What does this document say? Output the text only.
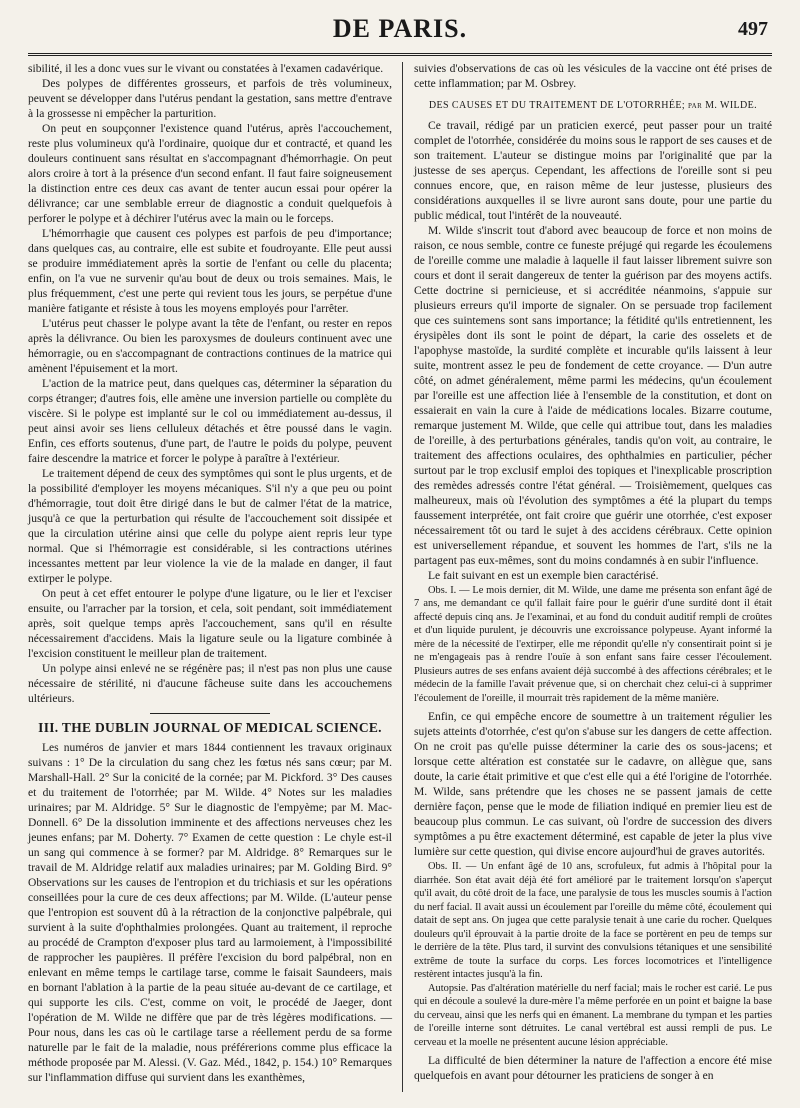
DE PARIS.	497

sibilité, il les a donc vues sur le vivant ou constatées à l'examen cadavérique.

Des polypes de différentes grosseurs, et parfois de très volumineux, peuvent se développer dans l'utérus pendant la gestation, sans mettre d'entrave à la grossesse ni empêcher la parturition.

On peut en soupçonner l'existence quand l'utérus, après l'accouchement, reste plus volumineux qu'à l'ordinaire, quoique dur et contracté, et quand les douleurs continuent sans résultat en s'accompagnant d'hémorrhagie. On peut alors croire à tort à la présence d'un second enfant. Il faut faire soigneusement la distinction entre ces deux cas avant de tenter aucun essai pour opérer la délivrance; car une semblable erreur de diagnostic a conduit quelquefois à perforer le polype et à déchirer l'utérus avec la main ou le forceps.

L'hémorrhagie que causent ces polypes est parfois de peu d'importance; dans quelques cas, au contraire, elle est subite et foudroyante. Elle peut aussi se produire immédiatement après la sortie de l'enfant ou celle du placenta; enfin, on l'a vue ne survenir qu'au bout de deux ou trois semaines. Mais, le plus fréquemment, c'est une perte qui revient tous les jours, se perpétue d'une manière fatigante et résiste à tous les moyens employés pour l'arrêter.

L'utérus peut chasser le polype avant la tête de l'enfant, ou rester en repos après la délivrance. Ou bien les paroxysmes de douleurs continuent avec une hémorragie, ou en s'accompagnant de contractions continues de la matrice qui amènent l'épuisement et la mort.

L'action de la matrice peut, dans quelques cas, déterminer la séparation du corps étranger; d'autres fois, elle amène une inversion partielle ou complète du viscère. Si le polype est implanté sur le col ou immédiatement au-dessus, il peut ainsi avoir ses liens celluleux détachés et être poussé dans le vagin. Enfin, ces efforts soutenus, d'une part, de l'autre le poids du polype, peuvent faire descendre la matrice et forcer le polype à paraître à l'extérieur.

Le traitement dépend de ceux des symptômes qui sont le plus urgents, et de la possibilité d'employer les moyens mécaniques. S'il n'y a que peu ou point d'hémorragie, tout doit être dirigé dans le but de calmer l'état de la matrice, jusqu'à ce que la perturbation qui résulte de l'accouchement soit dissipée et que la circulation utérine ainsi que celle du polype aient repris leur type normal. Que si l'hémorragie est considérable, si les contractions utérines incessantes mettent par leur violence la vie de la malade en danger, il faut extirper le polype.

On peut à cet effet entourer le polype d'une ligature, ou le lier et l'exciser ensuite, ou l'arracher par la torsion, et cela, soit pendant, soit immédiatement après, soit quelque temps après l'accouchement, sans qu'il en résulte nécessairement d'accidens. Mais la ligature seule ou la ligature combinée à l'excision constituent le meilleur plan de traitement.

Un polype ainsi enlevé ne se régénère pas; il n'est pas non plus une cause nécessaire de stérilité, ni d'aucune fâcheuse suite dans les accouchemens ultérieurs.

III. THE DUBLIN JOURNAL OF MEDICAL SCIENCE.

Les numéros de janvier et mars 1844 contiennent les travaux originaux suivans : 1° De la circulation du sang chez les fœtus nés sans cœur; par M. Marshall-Hall. 2° Sur la conicité de la cornée; par M. Pickford. 3° Des causes et du traitement de l'otorrhée; par M. Wilde. 4° Notes sur les maladies urinaires; par M. Aldridge. 5° Sur le diagnostic de l'empyème; par M. Mac-Donnell. 6° De la dissolution imminente et des affections nerveuses chez les jeunes enfans; par M. Doherty. 7° Examen de cette question : Le chyle est-il un sang qui commence à se former? par M. Aldridge. 8° Remarques sur le travail de M. Aldridge relatif aux maladies urinaires; par M. Golding Bird. 9° Observations sur les causes de l'entropion et du trichiasis et sur les opérations conseillées pour la cure de ces deux affections; par M. Wilde. (L'auteur pense que l'entropion est souvent dû à la rétraction de la conjonctive palpébrale, qui survient à la suite d'ophthalmies prolongées. Quant au traitement, il reproche au procédé de Crampton d'exposer plus tard au larmoiement, à l'impossibilité de rapprocher les paupières. Il préfère l'excision du bord palpébral, non en enlevant en même temps le cartilage tarse, comme le faisait Saundeers, mais en bornant l'ablation à la partie de la peau située au-devant de ce cartilage, et qui supporte les cils. C'est, comme on voit, le procédé de Jaeger, dont l'opération de M. Wilde ne diffère que par de très légères modifications. — Pour nous, dans les cas où le cartilage tarse a réellement perdu de sa forme naturelle par le fait de la maladie, nous préférerions comme plus efficace la méthode proposée par M. Alessi. (V. Gaz. Méd., 1842, p. 154.) 10° Remarques sur l'inflammation diffuse qui survient dans les exanthèmes,

suivies d'observations de cas où les vésicules de la vaccine ont été prises de cette inflammation; par M. Osbrey.

DES CAUSES ET DU TRAITEMENT DE L'OTORRHÉE; par M. WILDE.

Ce travail, rédigé par un praticien exercé, peut passer pour un traité complet de l'otorrhée, considérée du moins sous le rapport de ses causes et de son traitement. L'auteur se distingue moins par l'originalité que par la justesse de ses aperçus. Cependant, les affections de l'oreille sont si peu connues encore, que, en raison même de leur justesse, plusieurs des considérations auxquelles il se livre auront sans doute, pour une partie du public médical, tout l'intérêt de la nouveauté.

M. Wilde s'inscrit tout d'abord avec beaucoup de force et non moins de raison, ce nous semble, contre ce funeste préjugé qui regarde les écoulemens de l'oreille comme une maladie à laquelle il faut laisser librement suivre son cours et dont il serait dangereux de tenter la guérison par des moyens actifs. Cette doctrine si pernicieuse, et si accréditée néanmoins, s'appuie sur plusieurs erreurs qu'il importe de signaler. On se persuade trop facilement que ces suintemens sont sans importance; la fétidité qu'ils entretiennent, les érysipèles dont ils sont le point de départ, la carie des osselets et de l'apophyse mastoïde, la surdité complète et incurable qu'ils laissent à leur suite, montrent assez le peu de fondement de cette croyance. — D'un autre côté, on admet généralement, même parmi les médecins, qu'un écoulement par l'oreille est une affection liée à l'ensemble de la constitution, et dont on essaierait en vain la cure à l'aide de médications locales. Bizarre coutume, remarque justement M. Wilde, que celle qui attribue tout, dans les maladies de l'oreille, à des perturbations générales, tandis qu'on voit, au contraire, le traitement des affections oculaires, des ophthalmies en particulier, pécher surtout par le trop exclusif emploi des topiques et l'inexplicable proscription des remèdes adressés contre l'état général. — Troisièmement, quelques cas malheureux, mais où l'évolution des symptômes a été la plupart du temps faussement interprétée, ont fait croire que guérir une otorrhée, c'est exposer nécessairement tôt ou tard le sujet à des accidens cérébraux. Cette opinion est universellement répandue, et souvent les hommes de l'art, s'ils ne la partagent pas eux-mêmes, sont du moins condamnés à en subir l'influence.

Le fait suivant en est un exemple bien caractérisé.

Obs. I. — Le mois dernier, dit M. Wilde, une dame me présenta son enfant âgé de 7 ans, me demandant ce qu'il fallait faire pour le guérir d'une surdité dont il était affecté depuis cinq ans. Je l'examinai, et au fond du conduit auditif rempli de croûtes et d'un liquide purulent, je découvris une excroissance polypeuse. Ayant informé la mère de la nécessité de l'extirper, elle me répondit qu'elle n'y consentirait point si je ne m'engageais pas à rendre l'ouïe à son enfant sans faire cesser l'écoulement. Plusieurs autres de ses enfans avaient déjà succombé à des affections cérébrales; et le médecin de la famille l'avait prévenue que, si on cherchait chez celui-ci à supprimer l'écoulement de l'oreille, il mourrait très rapidement de la même manière.

Enfin, ce qui empêche encore de soumettre à un traitement régulier les sujets atteints d'otorrhée, c'est qu'on s'abuse sur les dangers de cette affection. On ne croit pas qu'elle puisse déterminer la carie des os sous-jacens; et lorsque cette altération est constatée sur le cadavre, on allègue que, sans doute, la carie était primitive et que c'est elle qui a été l'origine de l'otorrhée. M. Wilde, sans prétendre que les choses ne se passent jamais de cette dernière façon, pense que le mode de filiation indiqué en premier lieu est de beaucoup plus commun. Le cas suivant, où l'ordre de succession des divers symptômes a pu être exactement déterminé, est capable de jeter la plus vive lumière sur cette question, qui divise encore aujourd'hui de graves autorités.

Obs. II. — Un enfant âgé de 10 ans, scrofuleux, fut admis à l'hôpital pour la diarrhée. Son état avait déjà été fort amélioré par le traitement lorsqu'on s'aperçut qu'il avait, du côté droit de la face, une paralysie de tous les muscles soumis à l'action du nerf facial. Il avait aussi un écoulement par l'oreille du même côté, écoulement qui datait de sept ans. On jugea que cette paralysie tenait à une carie du rocher. Quelques douleurs qu'il éprouvait à la partie droite de la face se portèrent en peu de temps sur le derrière de la tête. Plus tard, il survint des convulsions tétaniques et une sensibilité extrême de toute la surface du corps. Les forces locomotrices et l'intelligence restèrent intactes jusqu'à la fin.

Autopsie. Pas d'altération matérielle du nerf facial; mais le rocher est carié. Le pus qui en découle a soulevé la dure-mère l'a même perforée en un point et baigne la base du cerveau, ainsi que les nerfs qui en émanent. La membrane du tympan et les parties de l'oreille interne sont détruites. Le canal vertébral est aussi rempli de pus. Le cerveau et la moelle ne présentent aucune lésion appréciable.

La difficulté de bien déterminer la nature de l'affection a encore été mise quelquefois en avant pour détourner les praticiens de songer à en
